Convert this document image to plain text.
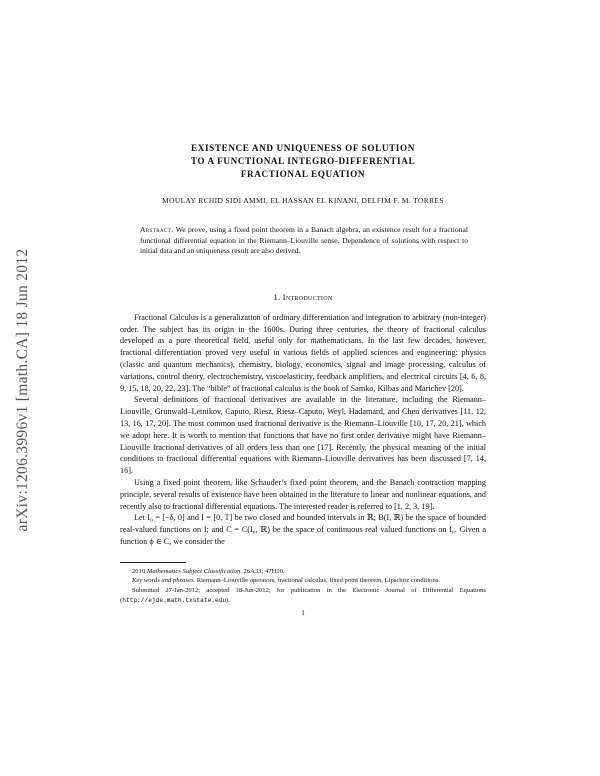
arXiv:1206.3996v1 [math.CA] 18 Jun 2012
EXISTENCE AND UNIQUENESS OF SOLUTION
TO A FUNCTIONAL INTEGRO-DIFFERENTIAL
FRACTIONAL EQUATION
MOULAY RCHID SIDI AMMI, EL HASSAN EL KINANI, DELFIM F. M. TORRES
Abstract. We prove, using a fixed point theorem in a Banach algebra, an existence result for a fractional functional differential equation in the Riemann–Liouville sense. Dependence of solutions with respect to initial data and an uniqueness result are also derived.
1. Introduction

Fractional Calculus is a generalization of ordinary differentiation and integration to arbitrary (non-integer) order. The subject has its origin in the 1600s. During three centuries, the theory of fractional calculus developed as a pure theoretical field, useful only for mathematicians. In the last few decades, however, fractional differentiation proved very useful in various fields of applied sciences and engineering: physics (classic and quantum mechanics), chemistry, biology, economics, signal and image processing, calculus of variations, control theory, electrochemistry, viscoelasticity, feedback amplifiers, and electrical circuits [4, 6, 8, 9, 15, 18, 20, 22, 23]. The “bible” of fractional calculus is the book of Samko, Kilbas and Marichev [20].

Several definitions of fractional derivatives are available in the literature, including the Riemann–Liouville, Grunwald–Letnikov, Caputo, Riesz, Riesz–Caputo, Weyl, Hadamard, and Chen derivatives [11, 12, 13, 16, 17, 20]. The most common used fractional derivative is the Riemann–Liouville [10, 17, 20, 21], which we adopt here. It is worth to mention that functions that have no first order derivative might have Riemann–Liouville fractional derivatives of all orders less than one [17]. Recently, the physical meaning of the initial conditions to fractional differential equations with Riemann–Liouville derivatives has been discussed [7, 14, 16].

Using a fixed point theorem, like Schauder’s fixed point theorem, and the Banach contraction mapping principle, several results of existence have been obtained in the literature to linear and nonlinear equations, and recently also to fractional differential equations. The interested reader is referred to [1, 2, 3, 19].

Let I₀ = [−δ, 0] and I = [0, T] be two closed and bounded intervals in ℝ; B(I, ℝ) be the space of bounded real-valued functions on I; and C = C(I₀, ℝ) be the space of continuous real valued functions on I₀. Given a function ϕ ∈ C, we consider the

2010 Mathematics Subject Classification. 26A33; 47H10.

Key words and phrases. Riemann–Liouville operators, fractional calculus, fixed point theorem, Lipschitz conditions.

Submitted 27-Jan-2012; accepted 18-Jun-2012; for publication in the Electronic Journal of Differential Equations (http://ejde.math.txstate.edu).

1
